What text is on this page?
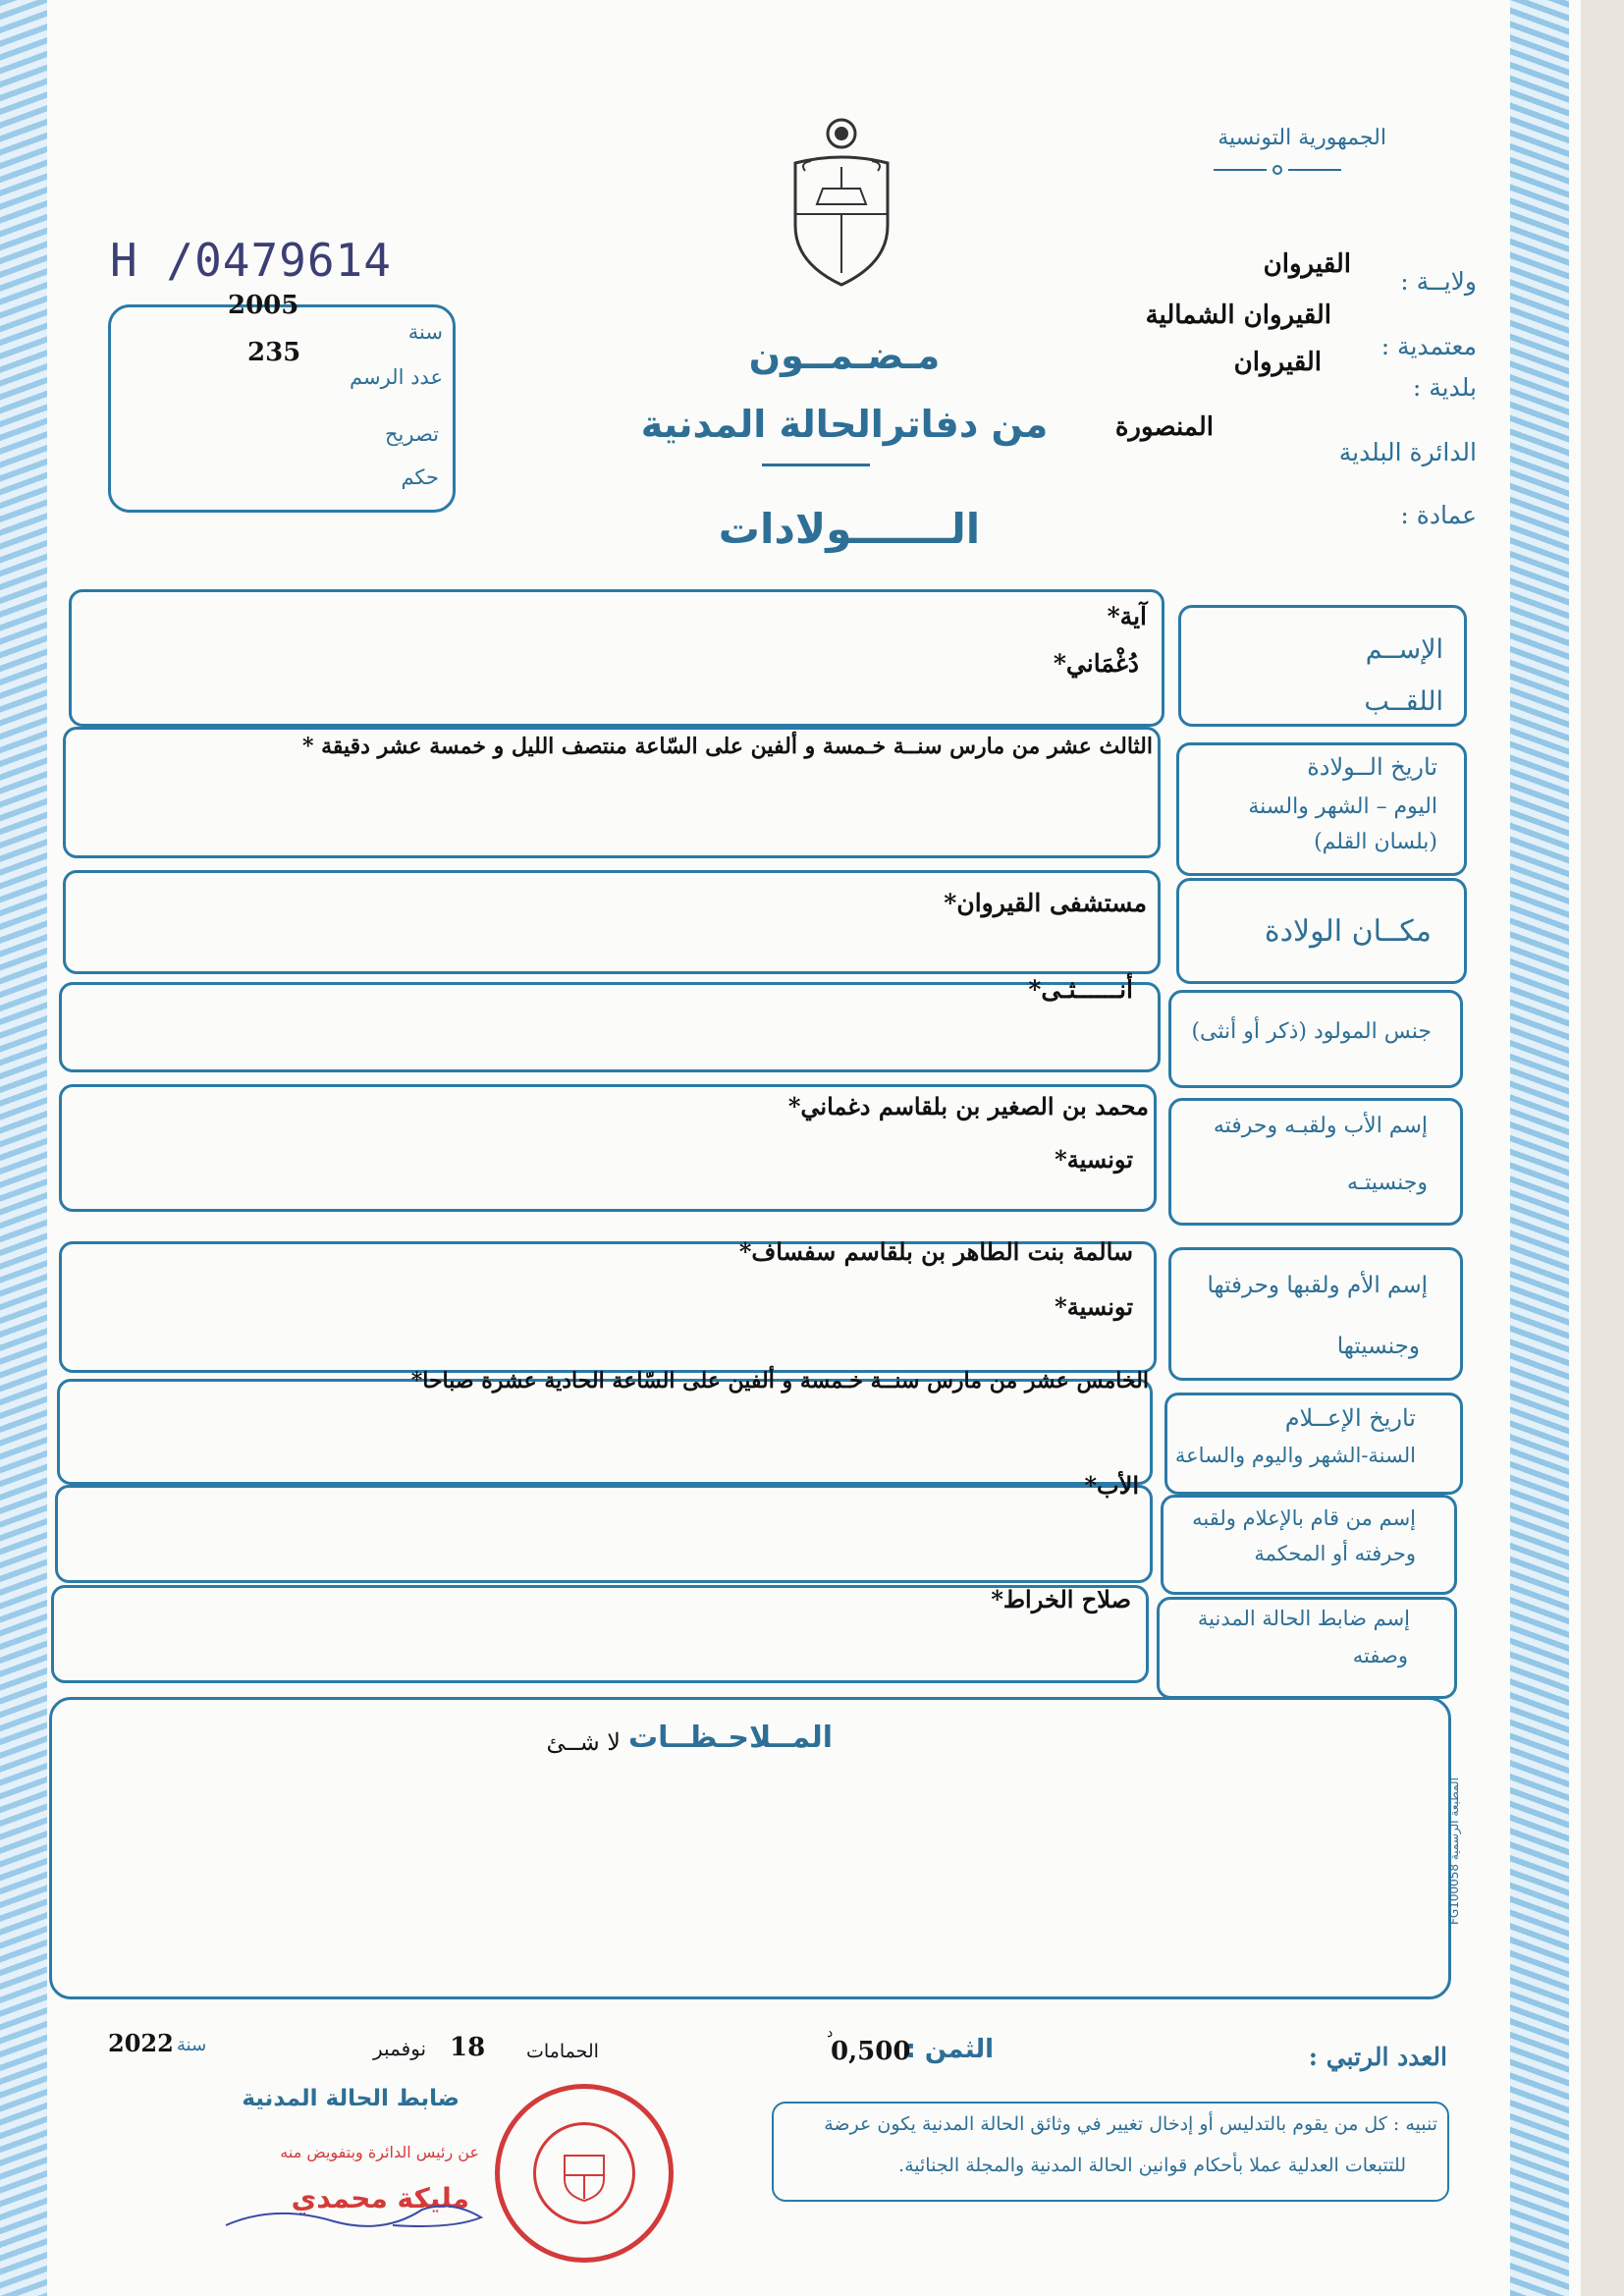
الجمهورية التونسية
H /0479614
2005
سنة
235
عدد الرسم
تصريح
حكم
ولايــة :
القيروان
معتمدية :
القيروان الشمالية
بلدية :
القيروان
الدائرة البلدية
المنصورة
عمادة :
مـضـمــون
من دفاترالحالة المدنية
الـــــــولادات
الإســم
اللقــب
آية*
دُغْمَاني*
تاريخ الــولادة
اليوم – الشهر والسنة
(بلسان القلم)
الثالث عشر من مارس سنــة خـمسة و ألفين على السّاعة منتصف الليل و خمسة عشر دقيقة *
مكــان الولادة
مستشفى القيروان*
جنس المولود (ذكر أو أنثى)
أنــــــثـى*
إسم الأب ولقبـه وحرفته
وجنسيتـه
محمد بن الصغير بن بلقاسم دغماني*
تونسية*
إسم الأم ولقبها وحرفتها
وجنسيتها
سالمة بنت الطاهر بن بلقاسم سفساف*
تونسية*
تاريخ الإعــلام
السنة-الشهر واليوم والساعة
الخامس عشر من مارس سنــة خـمسة و ألفين على السّاعة الحادية عشرة صباحا*
إسم من قام بالإعلام ولقبه
وحرفته أو المحكمة
الأب*
إسم ضابط الحالة المدنية
وصفته
صلاح الخراط*
المــلاحـظــات
لا شــئ
المطبعة الرسمية FG100058
العدد الرتبي :
الثمن :
0,500
د
الحمامات
18
نوفمبر
سنة
2022
ضابط الحالة المدنية
عن رئيس الدائرة وبتفويض منه
مليكة محمدي
تنبيه : كل من يقوم بالتدليس أو إدخال تغيير في وثائق الحالة المدنية يكون عرضة
للتتبعات العدلية عملا بأحكام قوانين الحالة المدنية والمجلة الجنائية.
